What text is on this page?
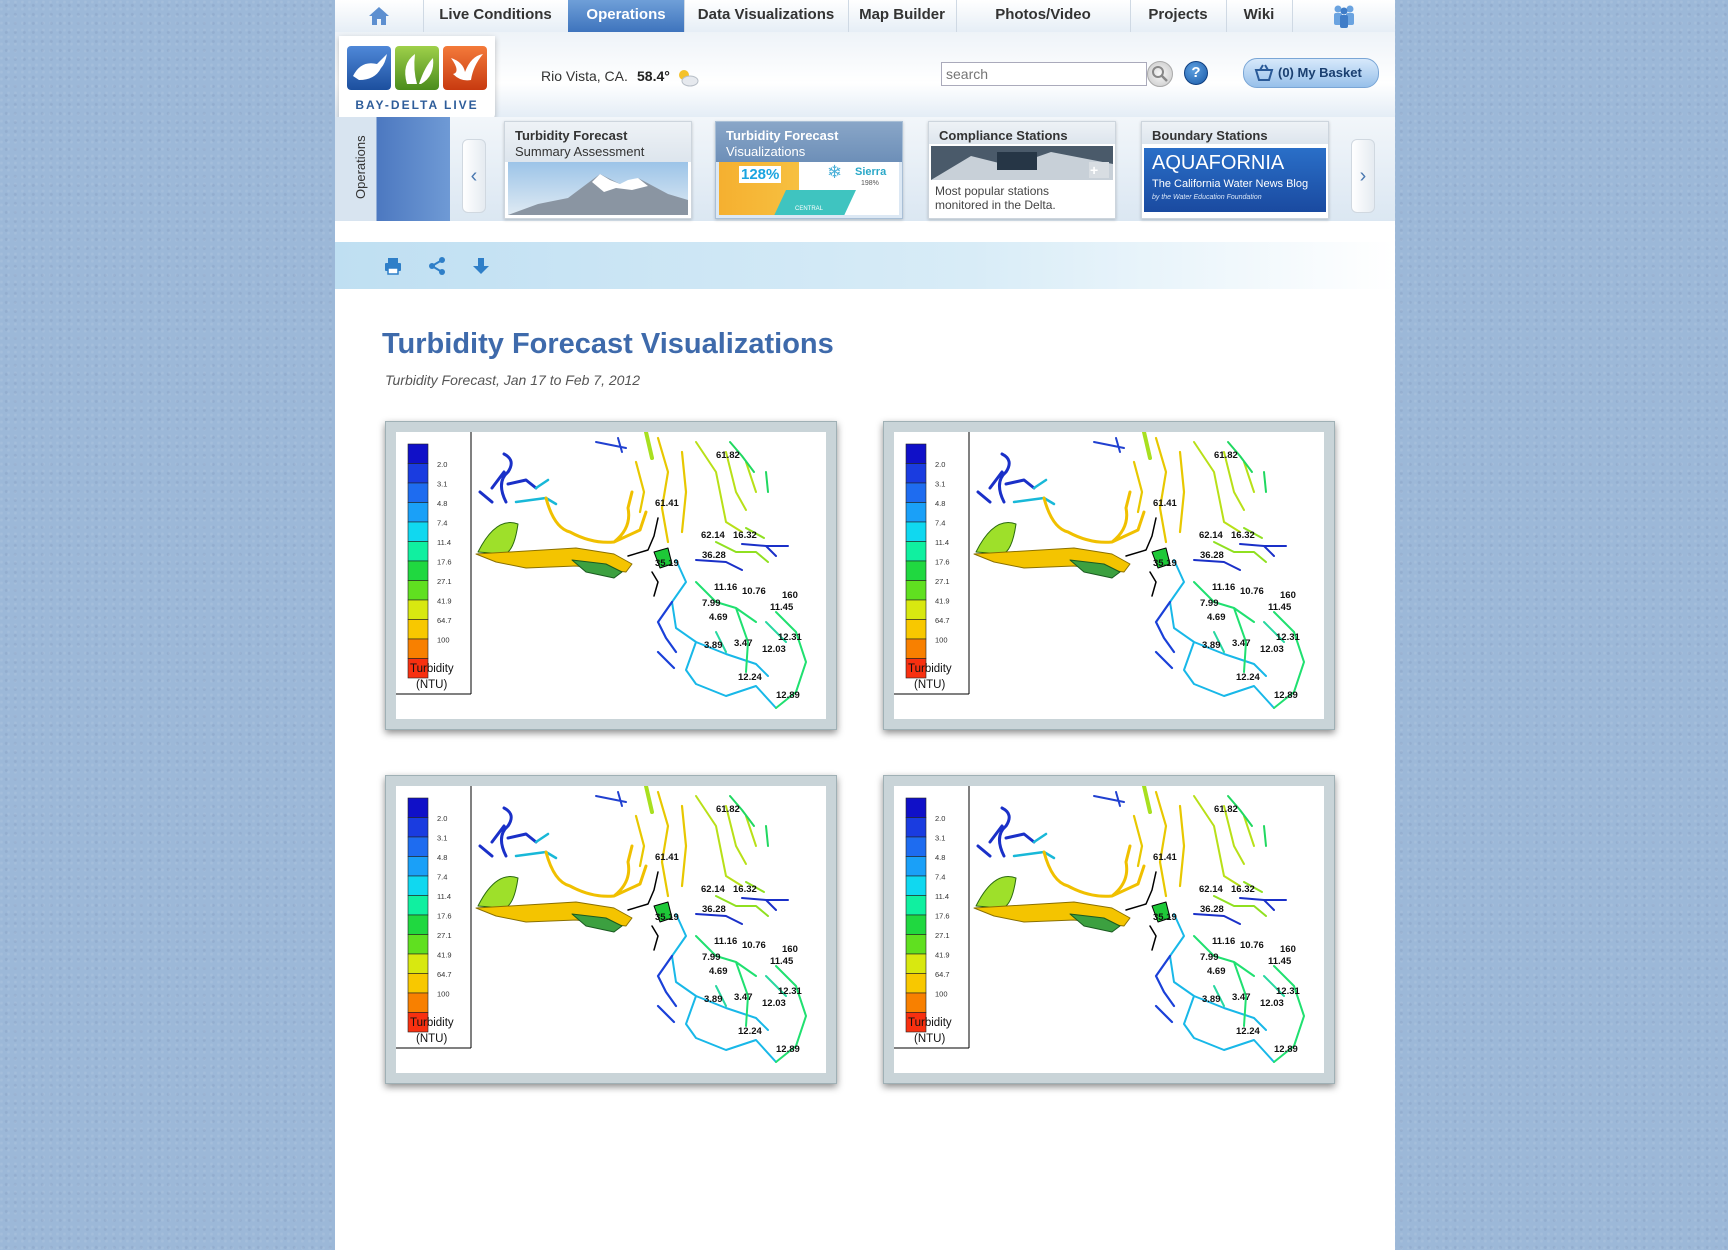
Live Conditions	Operations	Data Visualizations	Map Builder	Photos/Video	Projects	Wiki
BAY-DELTA LIVE
Rio Vista, CA. 58.4°
search	?	(0) My Basket
Operations	‹
Turbidity Forecast
Summary Assessment
Turbidity Forecast
Visualizations
128%	Sierra
198%
❄
CENTRAL
Compliance Stations
+
Most popular stations
monitored in the Delta.
Boundary Stations
AQUAFORNIA
The California Water News Blog
by the Water Education Foundation
›
Turbidity Forecast Visualizations
Turbidity Forecast, Jan 17 to Feb 7, 2012
2.0
3.1
4.8
7.4
11.4
17.6
27.1
41.9
64.7
100
Turbidity
(NTU)
61.82
61.41
62.14 16.32
35.19
36.28
11.16 10.76
7.99
160
11.45
4.69
3.89 3.47
12.31
12.03
12.24
12.89
2.0
3.1
4.8
7.4
11.4
17.6
27.1
41.9
64.7
100
Turbidity
(NTU)
61.82
61.41
62.14 16.32
35.19
36.28
11.16 10.76
7.99
160
11.45
4.69
3.89 3.47
12.31
12.03
12.24
12.89
2.0
3.1
4.8
7.4
11.4
17.6
27.1
41.9
64.7
100
Turbidity
(NTU)
61.82
61.41
62.14 16.32
35.19
36.28
11.16 10.76
7.99
160
11.45
4.69
3.89 3.47
12.31
12.03
12.24
12.89
2.0
3.1
4.8
7.4
11.4
17.6
27.1
41.9
64.7
100
Turbidity
(NTU)
61.82
61.41
62.14 16.32
35.19
36.28
11.16 10.76
7.99
160
11.45
4.69
3.89 3.47
12.31
12.03
12.24
12.89
